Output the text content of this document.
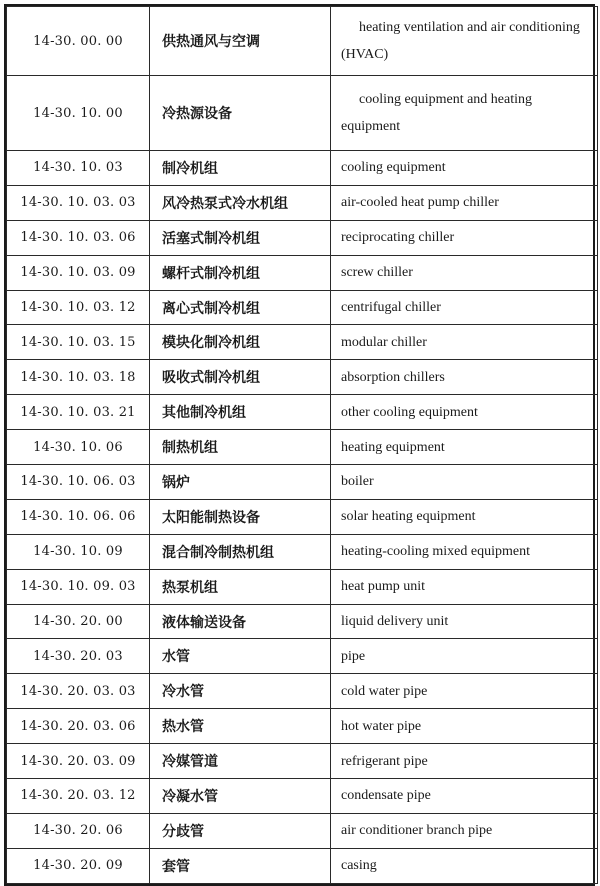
14-30. 00. 00	供热通风与空调	heating ventilation and air conditioning (HVAC)
14-30. 10. 00	冷热源设备	cooling equipment and heating equipment
14-30. 10. 03	制冷机组	cooling equipment
14-30. 10. 03. 03	风冷热泵式冷水机组	air-cooled heat pump chiller
14-30. 10. 03. 06	活塞式制冷机组	reciprocating chiller
14-30. 10. 03. 09	螺杆式制冷机组	screw chiller
14-30. 10. 03. 12	离心式制冷机组	centrifugal chiller
14-30. 10. 03. 15	模块化制冷机组	modular chiller
14-30. 10. 03. 18	吸收式制冷机组	absorption chillers
14-30. 10. 03. 21	其他制冷机组	other cooling equipment
14-30. 10. 06	制热机组	heating equipment
14-30. 10. 06. 03	锅炉	boiler
14-30. 10. 06. 06	太阳能制热设备	solar heating equipment
14-30. 10. 09	混合制冷制热机组	heating-cooling mixed equipment
14-30. 10. 09. 03	热泵机组	heat pump unit
14-30. 20. 00	液体输送设备	liquid delivery unit
14-30. 20. 03	水管	pipe
14-30. 20. 03. 03	冷水管	cold water pipe
14-30. 20. 03. 06	热水管	hot water pipe
14-30. 20. 03. 09	冷媒管道	refrigerant pipe
14-30. 20. 03. 12	冷凝水管	condensate pipe
14-30. 20. 06	分歧管	air conditioner branch pipe
14-30. 20. 09	套管	casing
